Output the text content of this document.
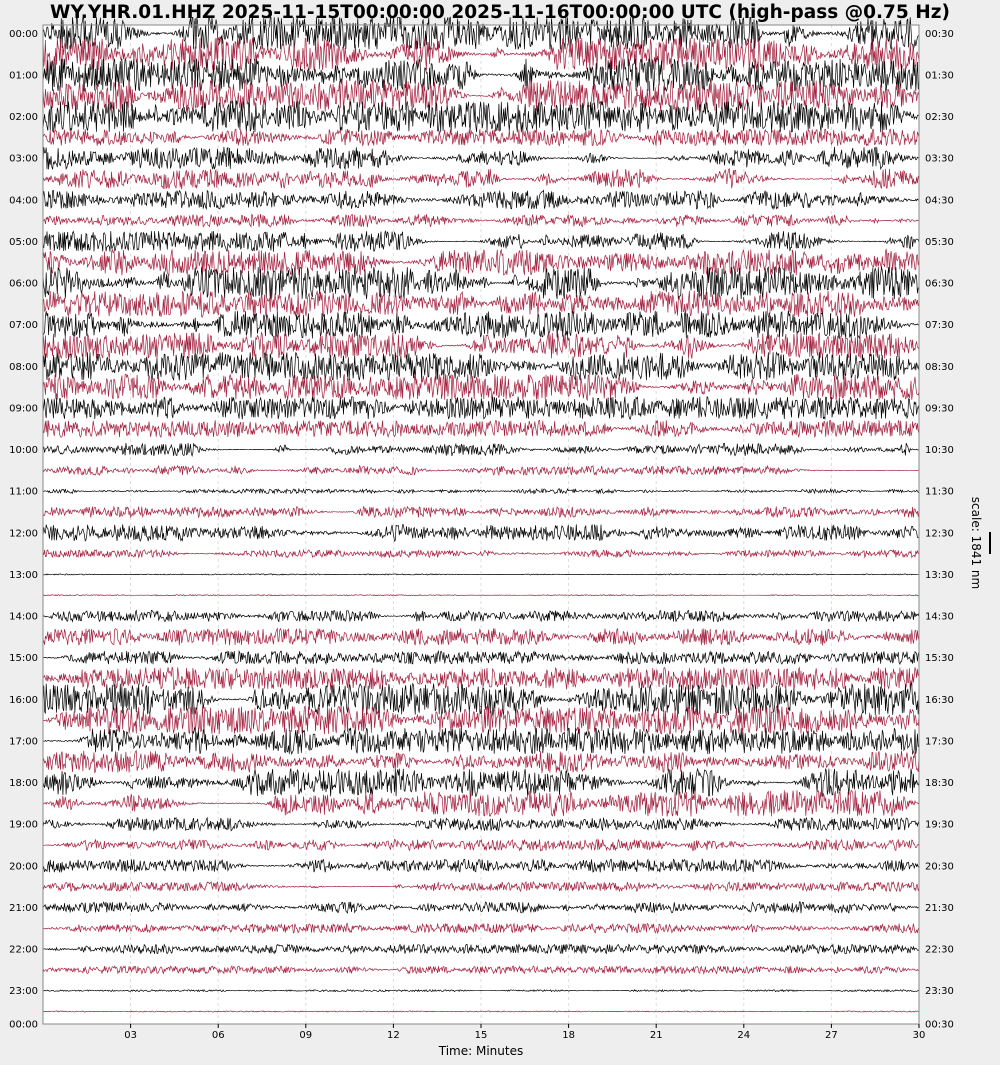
WY.YHR.01.HHZ 2025-11-15T00:00:00 2025-11-16T00:00:00 UTC (high-pass @0.75 Hz)
00:00
01:00
02:00
03:00
04:00
05:00
06:00
07:00
08:00
09:00
10:00
11:00
12:00
13:00
14:00
15:00
16:00
17:00
18:00
19:00
20:00
21:00
22:00
23:00
00:00
00:30
01:30
02:30
03:30
04:30
05:30
06:30
07:30
08:30
09:30
10:30
11:30
12:30
13:30
14:30
15:30
16:30
17:30
18:30
19:30
20:30
21:30
22:30
23:30
00:30
03	06	09	12	15	18	21	24	27	30
Time: Minutes
scale: 1841 nm
